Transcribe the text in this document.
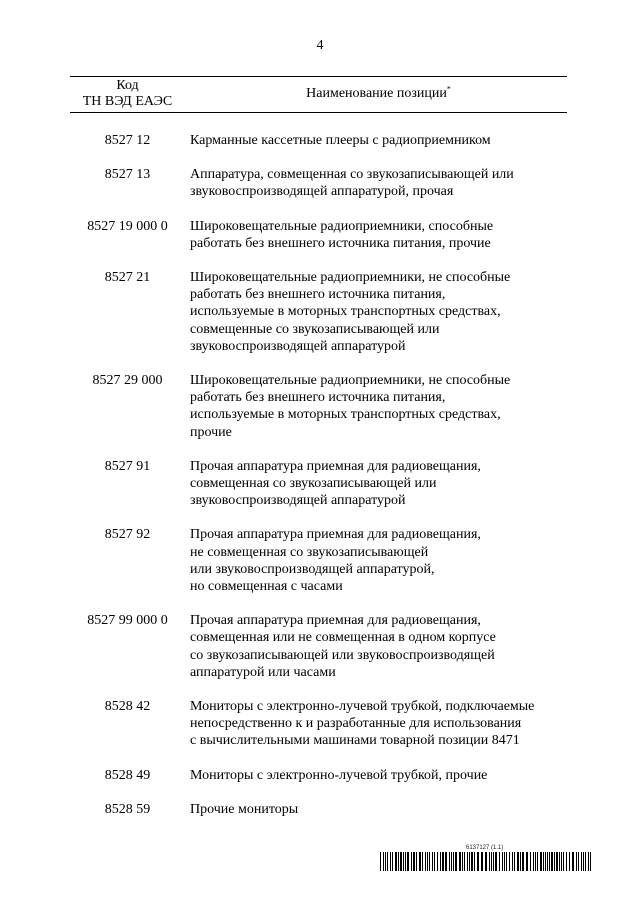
4
Код
ТН ВЭД ЕАЭС
Наименование позиции*
8527 12	Карманные кассетные плееры с радиоприемником
8527 13	Аппаратура, совмещенная со звукозаписывающей или
звуковоспроизводящей аппаратурой, прочая
8527 19 000 0	Широковещательные радиоприемники, способные
работать без внешнего источника питания, прочие
8527 21	Широковещательные радиоприемники, не способные
работать без внешнего источника питания,
используемые в моторных транспортных средствах,
совмещенные со звукозаписывающей или
звуковоспроизводящей аппаратурой
8527 29 000	Широковещательные радиоприемники, не способные
работать без внешнего источника питания,
используемые в моторных транспортных средствах,
прочие
8527 91	Прочая аппаратура приемная для радиовещания,
совмещенная со звукозаписывающей или
звуковоспроизводящей аппаратурой
8527 92	Прочая аппаратура приемная для радиовещания,
не совмещенная со звукозаписывающей
или звуковоспроизводящей аппаратурой,
но совмещенная с часами
8527 99 000 0	Прочая аппаратура приемная для радиовещания,
совмещенная или не совмещенная в одном корпусе
со звукозаписывающей или звуковоспроизводящей
аппаратурой или часами
8528 42	Мониторы с электронно-лучевой трубкой, подключаемые
непосредственно к и разработанные для использования
с вычислительными машинами товарной позиции 8471
8528 49	Мониторы с электронно-лучевой трубкой, прочие
8528 59	Прочие мониторы
6137127 (1.1)
